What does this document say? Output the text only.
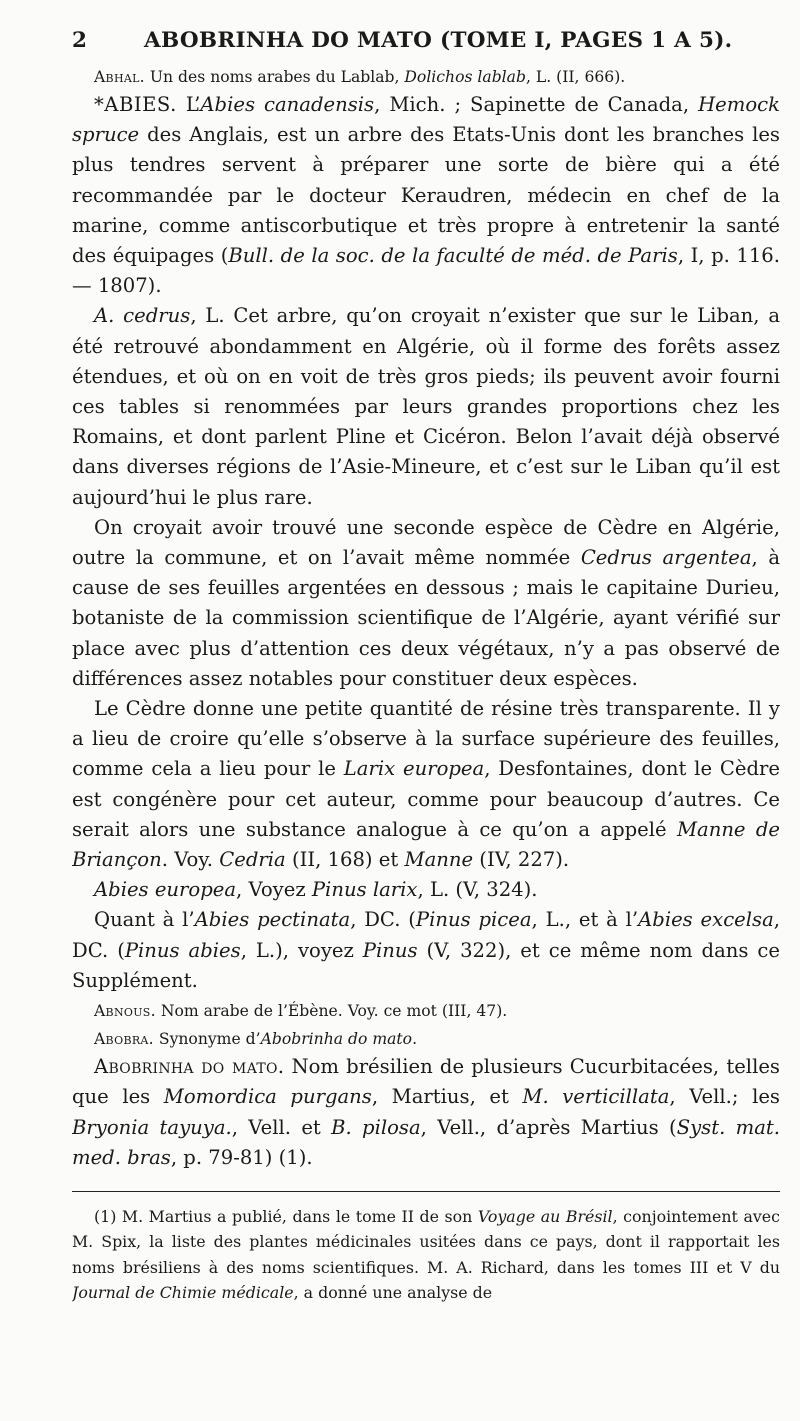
2	ABOBRINHA DO MATO (TOME I, PAGES 1 A 5).

Abhal. Un des noms arabes du Lablab, Dolichos lablab, L. (II, 666).

*ABIES. L’Abies canadensis, Mich. ; Sapinette de Canada, Hemock spruce des Anglais, est un arbre des Etats-Unis dont les branches les plus tendres servent à préparer une sorte de bière qui a été recommandée par le docteur Keraudren, médecin en chef de la marine, comme antiscorbutique et très propre à entretenir la santé des équipages (Bull. de la soc. de la faculté de méd. de Paris, I, p. 116. — 1807).

A. cedrus, L. Cet arbre, qu’on croyait n’exister que sur le Liban, a été retrouvé abondamment en Algérie, où il forme des forêts assez étendues, et où on en voit de très gros pieds; ils peuvent avoir fourni ces tables si renommées par leurs grandes proportions chez les Romains, et dont parlent Pline et Cicéron. Belon l’avait déjà observé dans diverses régions de l’Asie-Mineure, et c’est sur le Liban qu’il est aujourd’hui le plus rare.

On croyait avoir trouvé une seconde espèce de Cèdre en Algérie, outre la commune, et on l’avait même nommée Cedrus argentea, à cause de ses feuilles argentées en dessous ; mais le capitaine Durieu, botaniste de la commission scientifique de l’Algérie, ayant vérifié sur place avec plus d’attention ces deux végétaux, n’y a pas observé de différences assez notables pour constituer deux espèces.

Le Cèdre donne une petite quantité de résine très transparente. Il y a lieu de croire qu’elle s’observe à la surface supérieure des feuilles, comme cela a lieu pour le Larix europea, Desfontaines, dont le Cèdre est congénère pour cet auteur, comme pour beaucoup d’autres. Ce serait alors une substance analogue à ce qu’on a appelé Manne de Briançon. Voy. Cedria (II, 168) et Manne (IV, 227).

Abies europea, Voyez Pinus larix, L. (V, 324).

Quant à l’Abies pectinata, DC. (Pinus picea, L., et à l’Abies excelsa, DC. (Pinus abies, L.), voyez Pinus (V, 322), et ce même nom dans ce Supplément.

Abnous. Nom arabe de l’Ébène. Voy. ce mot (III, 47).

Abobra. Synonyme d’Abobrinha do mato.

Abobrinha do mato. Nom brésilien de plusieurs Cucurbitacées, telles que les Momordica purgans, Martius, et M. verticillata, Vell.; les Bryonia tayuya., Vell. et B. pilosa, Vell., d’après Martius (Syst. mat. med. bras, p. 79-81) (1).

(1) M. Martius a publié, dans le tome II de son Voyage au Brésil, conjointement avec M. Spix, la liste des plantes médicinales usitées dans ce pays, dont il rapportait les noms brésiliens à des noms scientifiques. M. A. Richard, dans les tomes III et V du Journal de Chimie médicale, a donné une analyse de
